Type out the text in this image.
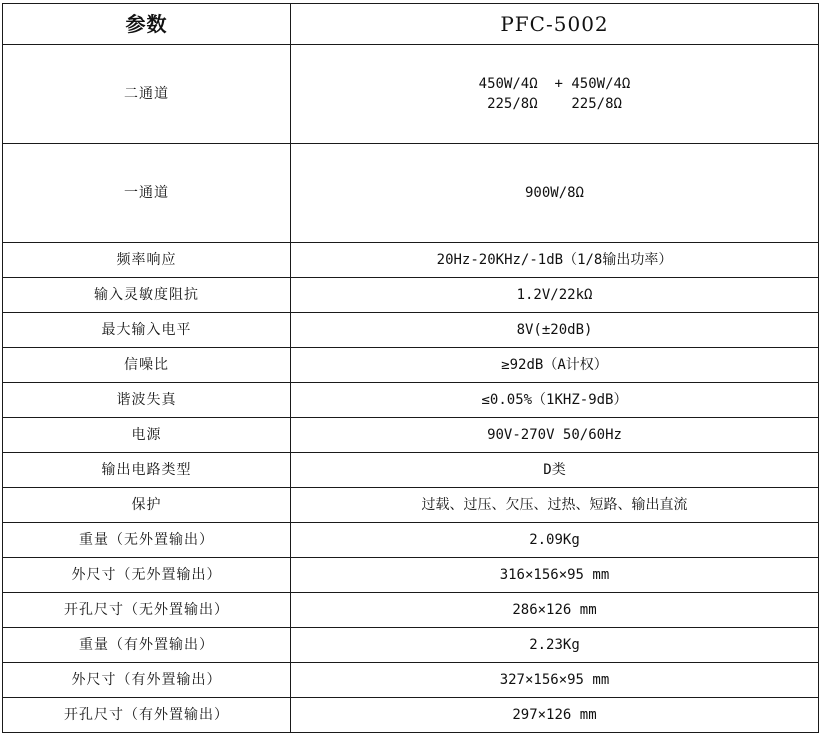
参数	PFC-5002
二通道	450W/4Ω  + 450W/4Ω
225/8Ω    225/8Ω

一通道	900W/8Ω

频率响应	20Hz-20KHz/-1dB（1/8输出功率）
输入灵敏度阻抗	1.2V/22kΩ
最大输入电平	8V(±20dB)
信噪比	≥92dB（A计权）
谐波失真	≤0.05%（1KHZ-9dB）
电源	90V-270V 50/60Hz
输出电路类型	D类
保护	过载、过压、欠压、过热、短路、输出直流
重量（无外置输出）	2.09Kg
外尺寸（无外置输出）	316×156×95 mm
开孔尺寸（无外置输出）	286×126 mm
重量（有外置输出）	2.23Kg
外尺寸（有外置输出）	327×156×95 mm
开孔尺寸（有外置输出）	297×126 mm
